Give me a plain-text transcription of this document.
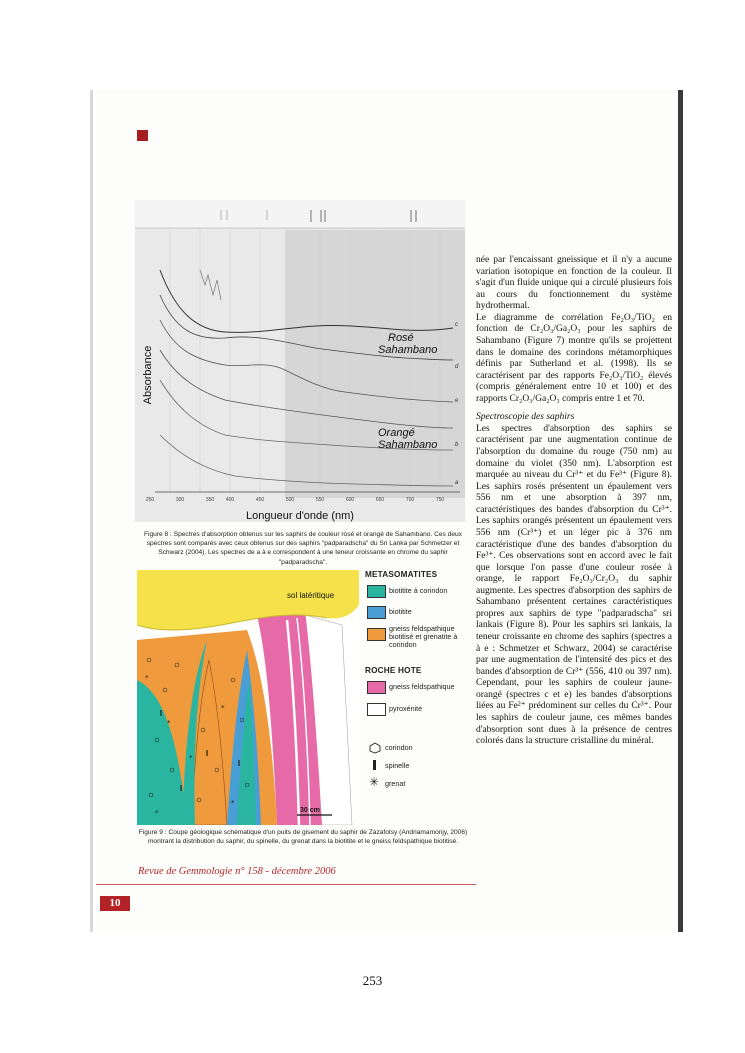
Absorbance
Rosé
Sahambano
Orangé
Sahambano
c
d
e
b
a
250	300	350 400	450	500	550	600	650	700	750
Longueur d'onde (nm)
Figure 8 : Spectres d'absorption obtenus sur les saphirs de couleur rosé et orangé de Sahambano. Ces deux spectres sont comparés avec ceux obtenus sur des saphirs "padparadscha" du Sri Lanka par Schmetzer et Schwarz (2004). Les spectres de a à e correspondent à une teneur croissante en chrome du saphir "padparadscha".
*
*
*
*
*
*
sol latéritique
30 cm
METASOMATITES
biotitite à corindon
biotitite
gneiss feldspathique biotitisé et grenatite à corindon
ROCHE HOTE
gneiss feldspathique
pyroxénite
corindon
spinelle
✳ grenat
Figure 9 : Coupe géologique schématique d'un puits de gisement du saphir de Zazafotsy (Andriamamonjy, 2006) montrant la distribution du saphir, du spinelle, du grenat dans la biotitite et le gneiss feldspathique biotitisé.
Revue de Gemmologie n° 158 - décembre 2006
10

née par l'encaissant gneissique et il n'y a aucune variation isotopique en fonction de la couleur. Il s'agit d'un fluide unique qui a circulé plusieurs fois au cours du fonctionnement du système hydrothermal.

Le diagramme de corrélation Fe₂O₃/TiO₂ en fonction de Cr₂O₃/Ga₂O₃ pour les saphirs de Sahambano (Figure 7) montre qu'ils se projettent dans le domaine des corindons métamorphiques définis par Sutherland et al. (1998). Ils se caractérisent par des rapports Fe₂O₃/TiO₂ élevés (compris généralement entre 10 et 100) et des rapports Cr₂O₃/Ga₂O₃ compris entre 1 et 70.

Spectroscopie des saphirs

Les spectres d'absorption des saphirs se caractérisent par une augmentation continue de l'absorption du domaine du rouge (750 nm) au domaine du violet (350 nm). L'absorption est marquée au niveau du Cr³⁺ et du Fe³⁺ (Figure 8). Les saphirs rosés présentent un épaulement vers 556 nm et une absorption à 397 nm, caractéristiques des bandes d'absorption du Cr³⁺. Les saphirs orangés présentent un épaulement vers 556 nm (Cr³⁺) et un léger pic à 376 nm caractéristique d'une des bandes d'absorption du Fe³⁺. Ces observations sont en accord avec le fait que lorsque l'on passe d'une couleur rosée à orange, le rapport Fe₂O₃/Cr₂O₃ du saphir augmente. Les spectres d'absorption des saphirs de Sahambano présentent certaines caractéristiques propres aux saphirs de type "padparadscha" sri lankais (Figure 8). Pour les saphirs sri lankais, la teneur croissante en chrome des saphirs (spectres a à e : Schmetzer et Schwarz, 2004) se caractérise par une augmentation de l'intensité des pics et des bandes d'absorption de Cr³⁺ (556, 410 ou 397 nm). Cependant, pour les saphirs de couleur jaune-orangé (spectres c et e) les bandes d'absorptions liées au Fe²⁺ prédominent sur celles du Cr³⁺. Pour les saphirs de couleur jaune, ces mêmes bandes d'absorption sont dues à la présence de centres colorés dans la structure cristalline du minéral.

253
